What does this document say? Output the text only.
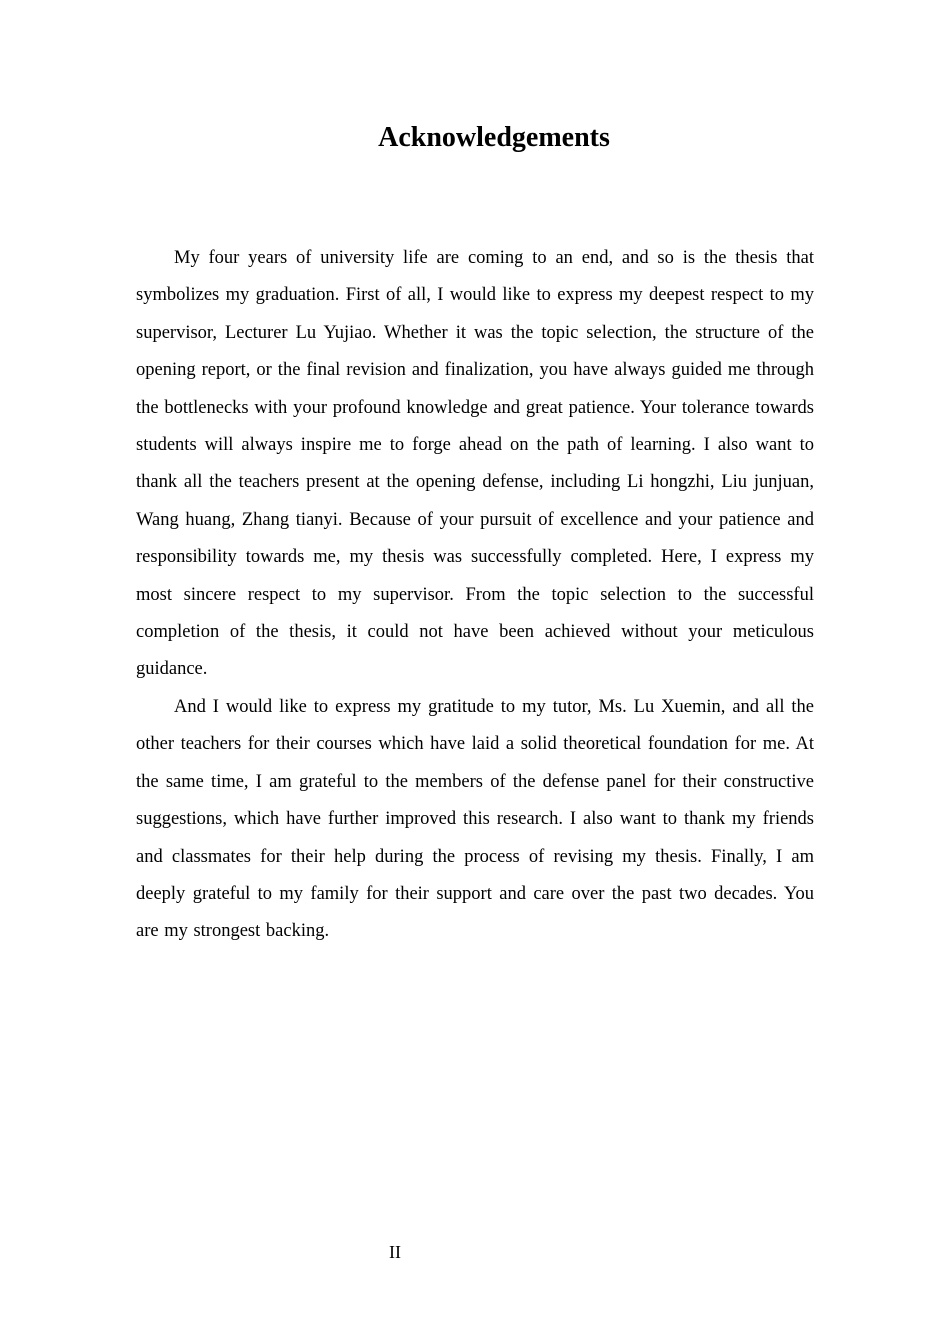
Acknowledgements

My four years of university life are coming to an end, and so is the thesis that symbolizes my graduation. First of all, I would like to express my deepest respect to my supervisor, Lecturer Lu Yujiao. Whether it was the topic selection, the structure of the opening report, or the final revision and finalization, you have always guided me through the bottlenecks with your profound knowledge and great patience. Your tolerance towards students will always inspire me to forge ahead on the path of learning. I also want to thank all the teachers present at the opening defense, including Li hongzhi, Liu junjuan, Wang huang, Zhang tianyi. Because of your pursuit of excellence and your patience and responsibility towards me, my thesis was successfully completed. Here, I express my most sincere respect to my supervisor. From the topic selection to the successful completion of the thesis, it could not have been achieved without your meticulous guidance.

And I would like to express my gratitude to my tutor, Ms. Lu Xuemin, and all the other teachers for their courses which have laid a solid theoretical foundation for me. At the same time, I am grateful to the members of the defense panel for their constructive suggestions, which have further improved this research. I also want to thank my friends and classmates for their help during the process of revising my thesis. Finally, I am deeply grateful to my family for their support and care over the past two decades. You are my strongest backing.

II
